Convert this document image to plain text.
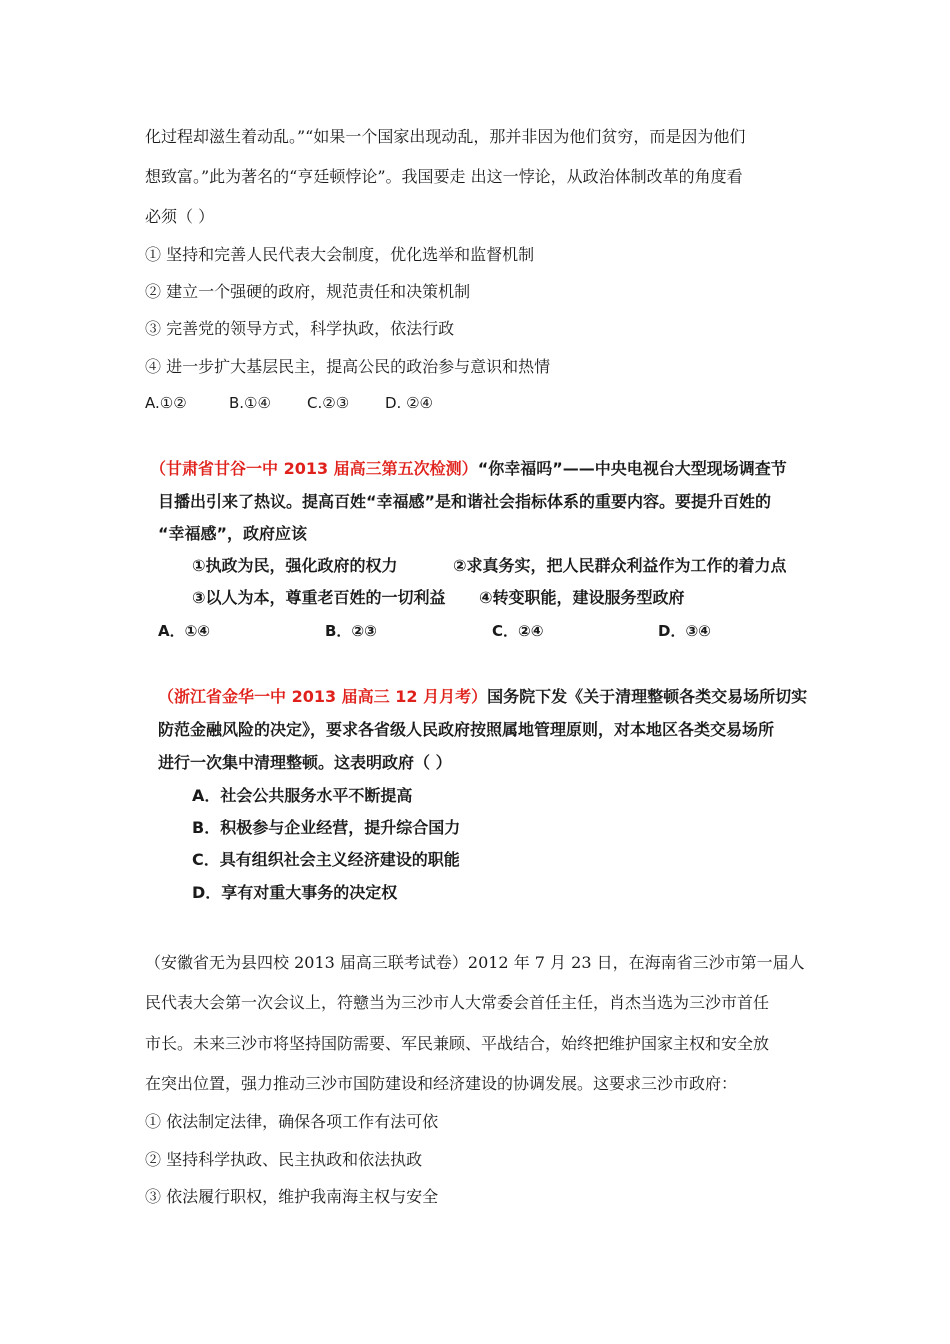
化过程却滋生着动乱。”“如果一个国家出现动乱，那并非因为他们贫穷，而是因为他们
想致富。”此为著名的“亨廷顿悖论”。我国要走 出这一悖论，从政治体制改革的角度看
必须（ ）
① 坚持和完善人民代表大会制度，优化选举和监督机制
② 建立一个强硬的政府，规范责任和决策机制
③ 完善党的领导方式，科学执政，依法行政
④ 进一步扩大基层民主，提高公民的政治参与意识和热情
A.①②	B.①④ C.②③ D. ②④
（甘肃省甘谷一中 2013 届高三第五次检测）“你幸福吗”——中央电视台大型现场调查节
目播出引来了热议。提高百姓“幸福感”是和谐社会指标体系的重要内容。要提升百姓的
“幸福感”，政府应该
①执政为民，强化政府的权力	②求真务实，把人民群众利益作为工作的着力点
③以人为本，尊重老百姓的一切利益 ④转变职能，建设服务型政府
A．①④	B．②③	C．②④	D．③④
（浙江省金华一中 2013 届高三 12 月月考）国务院下发《关于清理整顿各类交易场所切实
防范金融风险的决定》，要求各省级人民政府按照属地管理原则，对本地区各类交易场所
进行一次集中清理整顿。这表明政府（ ）
A．社会公共服务水平不断提高
B．积极参与企业经营，提升综合国力
C．具有组织社会主义经济建设的职能
D．享有对重大事务的决定权
（安徽省无为县四校 2013 届高三联考试卷）2012 年 7 月 23 日，在海南省三沙市第一届人
民代表大会第一次会议上，符戆当为三沙市人大常委会首任主任，肖杰当选为三沙市首任
市长。未来三沙市将坚持国防需要、军民兼顾、平战结合，始终把维护国家主权和安全放
在突出位置，强力推动三沙市国防建设和经济建设的协调发展。这要求三沙市政府：
① 依法制定法律，确保各项工作有法可依
② 坚持科学执政、民主执政和依法执政
③ 依法履行职权，维护我南海主权与安全
